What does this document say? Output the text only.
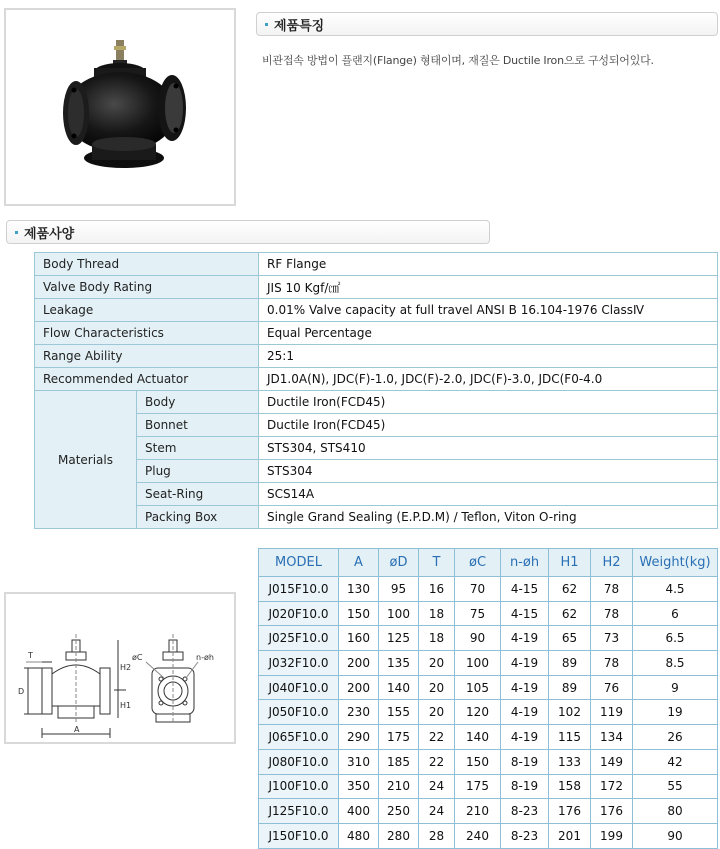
제품특징
비관접속 방법이 플랜지(Flange) 형태이며, 재질은 Ductile Iron으로 구성되어있다.
제품사양
Body Thread		RF Flange
Valve Body Rating		JIS 10 Kgf/㎠
Leakage		0.01% Valve capacity at full travel ANSI B 16.104-1976 ClassⅣ
Flow Characteristics		Equal Percentage
Range Ability		25:1
Recommended Actuator		JD1.0A(N), JDC(F)-1.0, JDC(F)-2.0, JDC(F)-3.0, JDC(F0-4.0
Materials	Body	Ductile Iron(FCD45)
	Bonnet	Ductile Iron(FCD45)
	Stem	STS304, STS410
	Plug	STS304
	Seat-Ring	SCS14A
	Packing Box	Single Grand Sealing (E.P.D.M) / Teflon, Viton O-ring
T
D
H2
H1
A
øC	n-øh
MODEL	A	øD	T	øC	n-øh	H1	H2	Weight(kg)
J015F10.0	130	95	16	70	4-15	62	78	4.5
J020F10.0	150	100	18	75	4-15	62	78	6
J025F10.0	160	125	18	90	4-19	65	73	6.5
J032F10.0	200	135	20	100	4-19	89	78	8.5
J040F10.0	200	140	20	105	4-19	89	76	9
J050F10.0	230	155	20	120	4-19	102	119	19
J065F10.0	290	175	22	140	4-19	115	134	26
J080F10.0	310	185	22	150	8-19	133	149	42
J100F10.0	350	210	24	175	8-19	158	172	55
J125F10.0	400	250	24	210	8-23	176	176	80
J150F10.0	480	280	28	240	8-23	201	199	90
